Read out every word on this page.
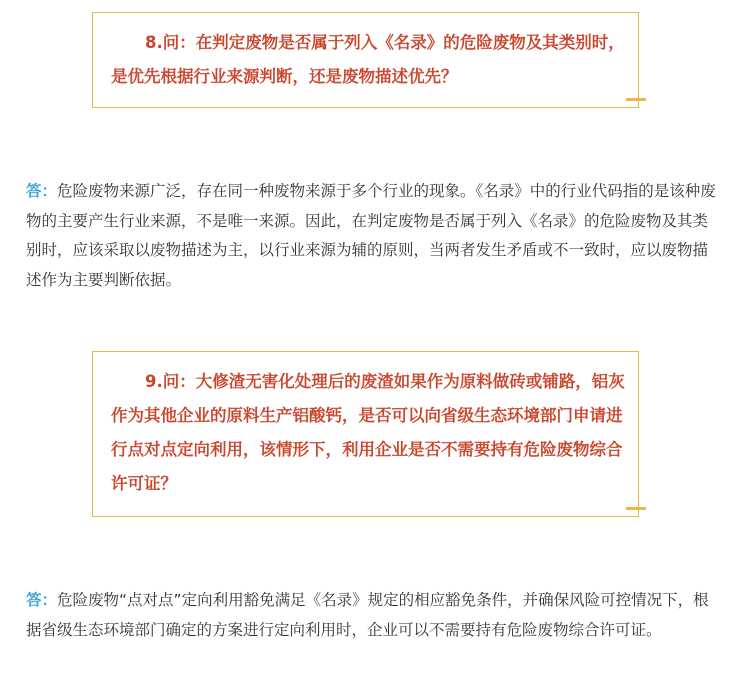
8.问：在判定废物是否属于列入《名录》的危险废物及其类别时，是优先根据行业来源判断，还是废物描述优先？

答：危险废物来源广泛，存在同一种废物来源于多个行业的现象。《名录》中的行业代码指的是该种废物的主要产生行业来源，不是唯一来源。因此，在判定废物是否属于列入《名录》的危险废物及其类别时，应该采取以废物描述为主，以行业来源为辅的原则，当两者发生矛盾或不一致时，应以废物描述作为主要判断依据。

9.问：大修渣无害化处理后的废渣如果作为原料做砖或铺路，铝灰作为其他企业的原料生产铝酸钙，是否可以向省级生态环境部门申请进行点对点定向利用，该情形下，利用企业是否不需要持有危险废物综合许可证？

答：危险废物“点对点”定向利用豁免满足《名录》规定的相应豁免条件，并确保风险可控情况下，根据省级生态环境部门确定的方案进行定向利用时，企业可以不需要持有危险废物综合许可证。
